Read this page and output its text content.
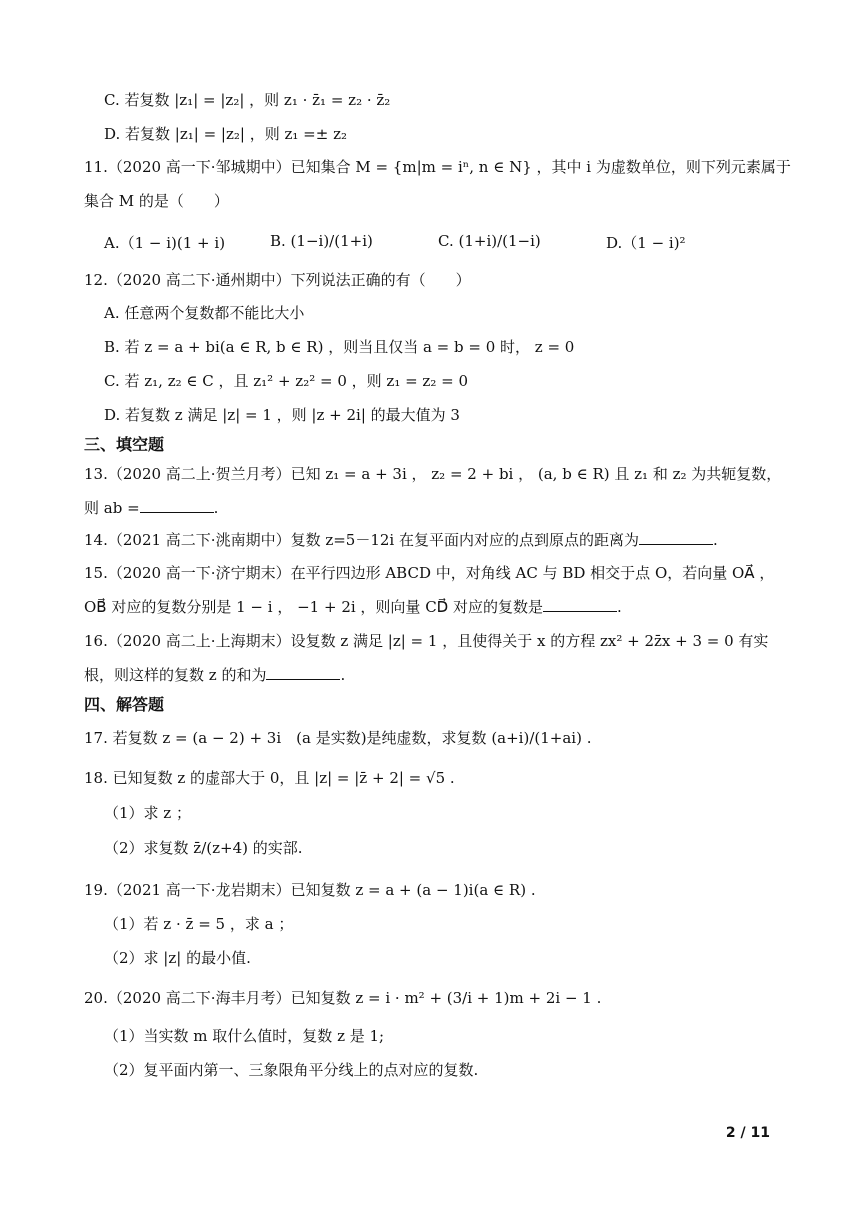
C. 若复数 |z₁| = |z₂| ，则 z₁ · z̄₁ = z₂ · z̄₂
D. 若复数 |z₁| = |z₂| ，则 z₁ =± z₂
11.（2020 高一下·邹城期中）已知集合 M = {m|m = iⁿ, n ∈ N} ，其中 i 为虚数单位，则下列元素属于
集合 M 的是（　　）
A.（1 − i)(1 + i)	B. (1−i)/(1+i)	C. (1+i)/(1−i)	D.（1 − i)²
12.（2020 高二下·通州期中）下列说法正确的有（　　）
A. 任意两个复数都不能比大小
B. 若 z = a + bi(a ∈ R, b ∈ R) ，则当且仅当 a = b = 0 时， z = 0
C. 若 z₁, z₂ ∈ C ，且 z₁² + z₂² = 0 ，则 z₁ = z₂ = 0
D. 若复数 z 满足 |z| = 1 ，则 |z + 2i| 的最大值为 3
三、填空题
13.（2020 高二上·贺兰月考）已知 z₁ = a + 3i ， z₂ = 2 + bi ， (a, b ∈ R) 且 z₁ 和 z₂ 为共轭复数，
则 ab =	.
14.（2021 高二下·洮南期中）复数 z=5－12i 在复平面内对应的点到原点的距离为	.
15.（2020 高一下·济宁期末）在平行四边形 ABCD 中，对角线 AC 与 BD 相交于点 O，若向量 OA⃗ ，
OB⃗ 对应的复数分别是 1 − i ， −1 + 2i ，则向量 CD⃗ 对应的复数是	.
16.（2020 高二上·上海期末）设复数 z 满足 |z| = 1 ，且使得关于 x 的方程 zx² + 2z̄x + 3 = 0 有实
根，则这样的复数 z 的和为	.
四、解答题
17. 若复数 z = (a − 2) + 3i　(a 是实数)是纯虚数，求复数 (a+i)/(1+ai) .
18. 已知复数 z 的虚部大于 0，且 |z| = |z̄ + 2| = √5 .
（1）求 z ；
（2）求复数 z̄/(z+4) 的实部.
19.（2021 高一下·龙岩期末）已知复数 z = a + (a − 1)i(a ∈ R) .
（1）若 z · z̄ = 5 ，求 a ；
（2）求 |z| 的最小值.
20.（2020 高二下·海丰月考）已知复数 z = i · m² + (3/i + 1)m + 2i − 1 .
（1）当实数 m 取什么值时，复数 z 是 1;
（2）复平面内第一、三象限角平分线上的点对应的复数.
2 / 11
